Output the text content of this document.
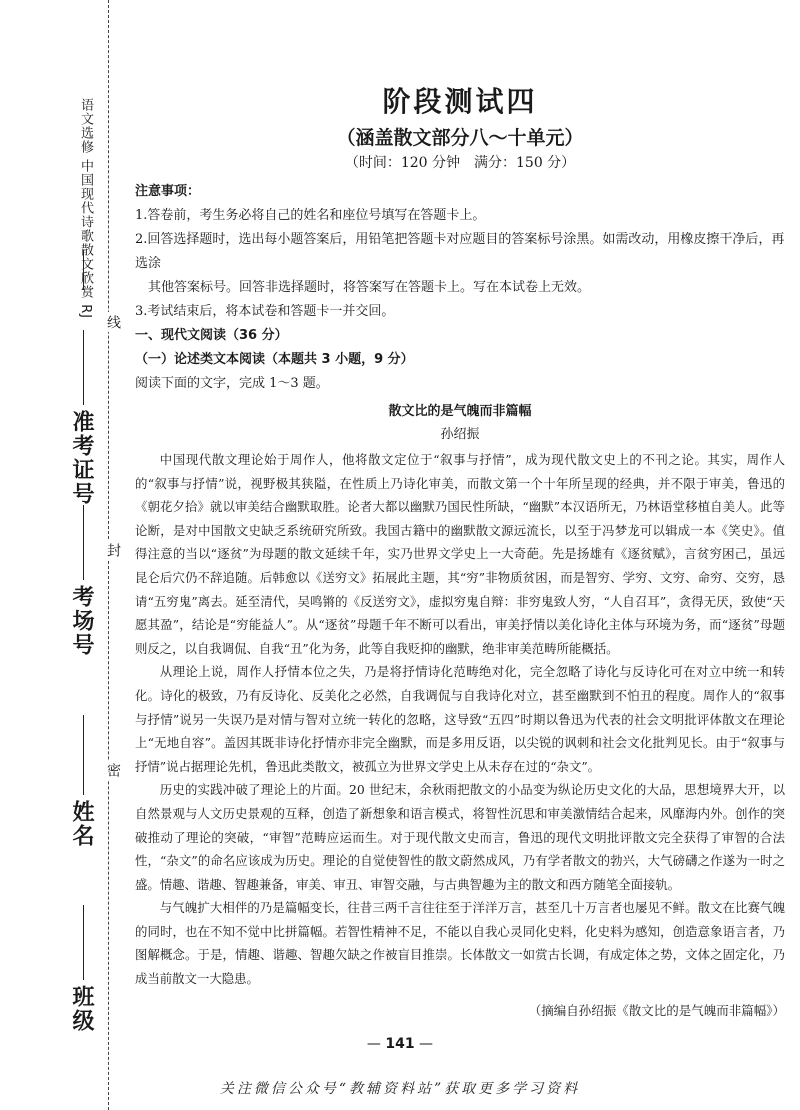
语文选修 中国现代诗歌散文欣赏 RJ
准考证号
考场号
姓名
班级
线
封
密
阶段测试四

（涵盖散文部分八～十单元）

（时间：120 分钟　满分：150 分）

注意事项：

1.答卷前，考生务必将自己的姓名和座位号填写在答题卡上。

2.回答选择题时，选出每小题答案后，用铅笔把答题卡对应题目的答案标号涂黑。如需改动，用橡皮擦干净后，再选涂

其他答案标号。回答非选择题时，将答案写在答题卡上。写在本试卷上无效。

3.考试结束后，将本试卷和答题卡一并交回。

一、现代文阅读（36 分）

（一）论述类文本阅读（本题共 3 小题，9 分）

阅读下面的文字，完成 1～3 题。

散文比的是气魄而非篇幅

孙绍振

中国现代散文理论始于周作人，他将散文定位于“叙事与抒情”，成为现代散文史上的不刊之论。其实，周作人的“叙事与抒情”说，视野极其狭隘，在性质上乃诗化审美，而散文第一个十年所呈现的经典，并不限于审美，鲁迅的《朝花夕拾》就以审美结合幽默取胜。论者大都以幽默乃国民性所缺，“幽默”本汉语所无，乃林语堂移植自美人。此等论断，是对中国散文史缺乏系统研究所致。我国古籍中的幽默散文源远流长，以至于冯梦龙可以辑成一本《笑史》。值得注意的当以“逐贫”为母题的散文延续千年，实乃世界文学史上一大奇葩。先是扬雄有《逐贫赋》，言贫穷困己，虽远昆仑后穴仍不辞追随。后韩愈以《送穷文》拓展此主题，其“穷”非物质贫困，而是智穷、学穷、文穷、命穷、交穷，恳请“五穷鬼”离去。延至清代，吴鸣锵的《反送穷文》，虚拟穷鬼自辩：非穷鬼致人穷，“人自召耳”，贪得无厌，致使“天愿其盈”，结论是“穷能益人”。从“逐贫”母题千年不断可以看出，审美抒情以美化诗化主体与环境为务，而“逐贫”母题则反之，以自我调侃、自我“丑”化为务，此等自我贬抑的幽默，绝非审美范畴所能概括。

从理论上说，周作人抒情本位之失，乃是将抒情诗化范畴绝对化，完全忽略了诗化与反诗化可在对立中统一和转化。诗化的极致，乃有反诗化、反美化之必然，自我调侃与自我诗化对立，甚至幽默到不怕丑的程度。周作人的“叙事与抒情”说另一失误乃是对情与智对立统一转化的忽略，这导致“五四”时期以鲁迅为代表的社会文明批评体散文在理论上“无地自容”。盖因其既非诗化抒情亦非完全幽默，而是多用反语，以尖锐的讽刺和社会文化批判见长。由于“叙事与抒情”说占据理论先机，鲁迅此类散文，被孤立为世界文学史上从未存在过的“杂文”。

历史的实践冲破了理论上的片面。20 世纪末，余秋雨把散文的小品变为纵论历史文化的大品，思想境界大开，以自然景观与人文历史景观的互释，创造了新想象和语言模式，将智性沉思和审美激情结合起来，风靡海内外。创作的突破推动了理论的突破，“审智”范畴应运而生。对于现代散文史而言，鲁迅的现代文明批评散文完全获得了审智的合法性，“杂文”的命名应该成为历史。理论的自觉使智性的散文蔚然成风，乃有学者散文的勃兴，大气磅礴之作遂为一时之盛。情趣、谐趣、智趣兼备，审美、审丑、审智交融，与古典智趣为主的散文和西方随笔全面接轨。

与气魄扩大相伴的乃是篇幅变长，往昔三两千言往往至于洋洋万言，甚至几十万言者也屡见不鲜。散文在比赛气魄的同时，也在不知不觉中比拼篇幅。若智性精神不足，不能以自我心灵同化史料，化史料为感知，创造意象语言者，乃图解概念。于是，情趣、谐趣、智趣欠缺之作被盲目推崇。长体散文一如赏古长调，有成定体之势，文体之固定化，乃成当前散文一大隐患。

（摘编自孙绍振《散文比的是气魄而非篇幅》）

— 141 —
关注微信公众号“教辅资料站”获取更多学习资料
